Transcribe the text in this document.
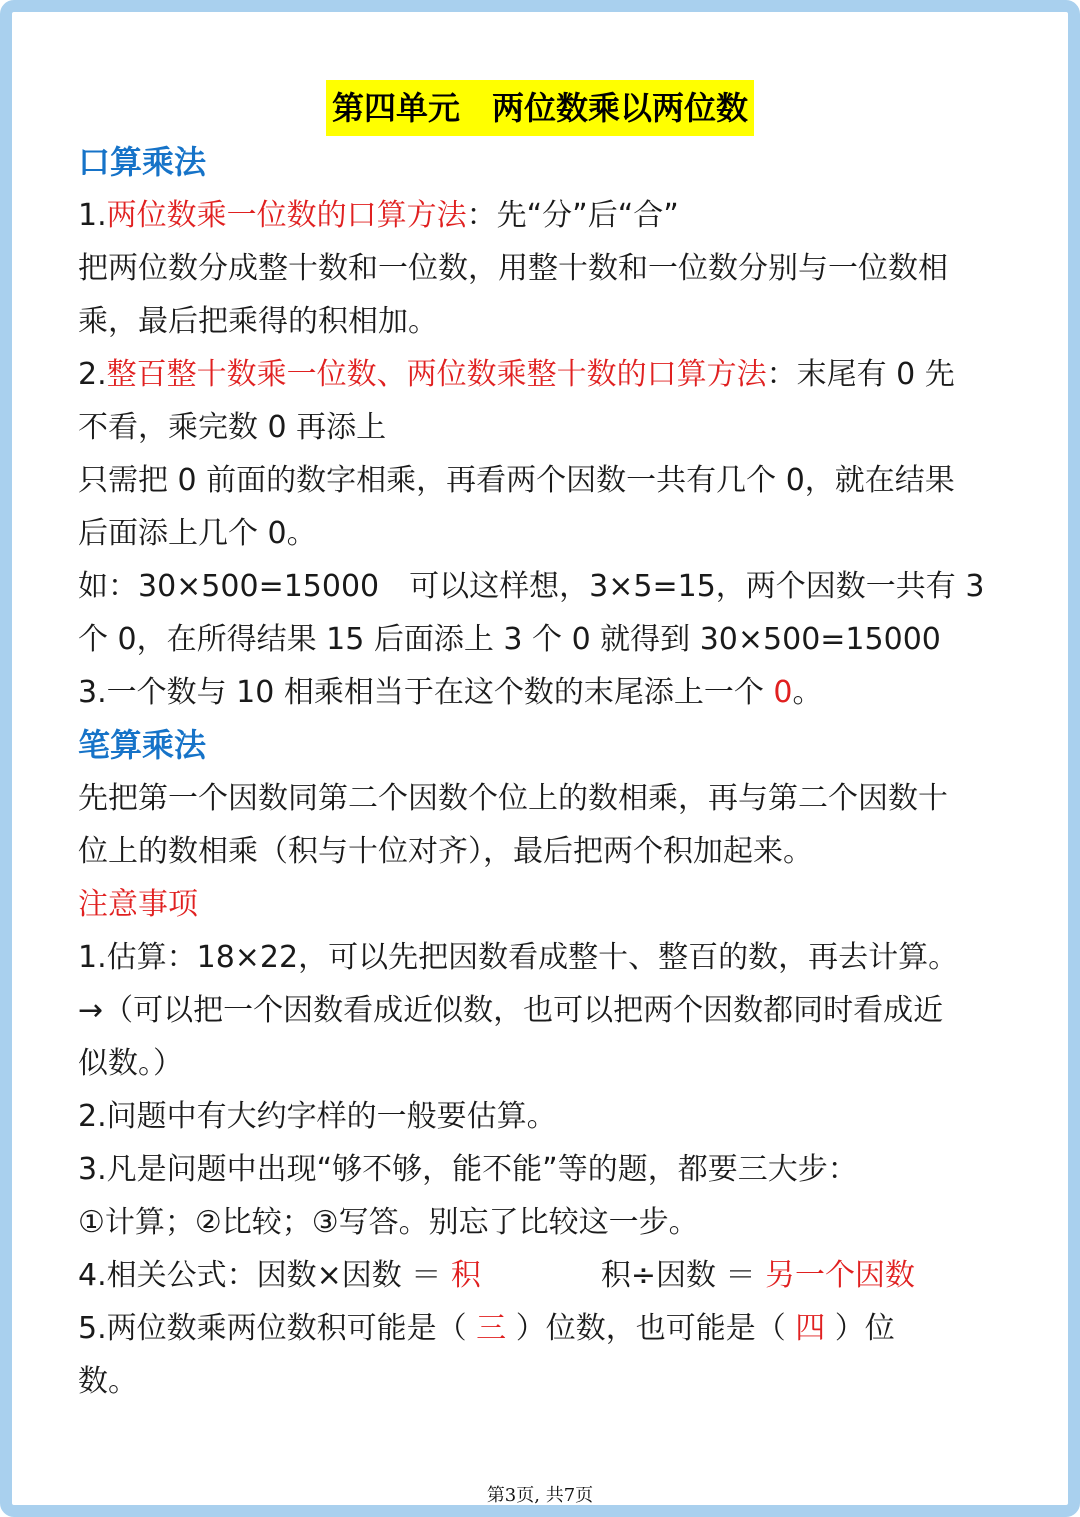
第四单元　两位数乘以两位数
口算乘法
1.两位数乘一位数的口算方法：先“分”后“合”
把两位数分成整十数和一位数，用整十数和一位数分别与一位数相
乘，最后把乘得的积相加。
2.整百整十数乘一位数、两位数乘整十数的口算方法：末尾有 0 先
不看，乘完数 0 再添上
只需把 0 前面的数字相乘，再看两个因数一共有几个 0，就在结果
后面添上几个 0。
如：30×500=15000 可以这样想，3×5=15，两个因数一共有 3
个 0，在所得结果 15 后面添上 3 个 0 就得到 30×500=15000
3.一个数与 10 相乘相当于在这个数的末尾添上一个 0。
笔算乘法
先把第一个因数同第二个因数个位上的数相乘，再与第二个因数十
位上的数相乘（积与十位对齐），最后把两个积加起来。
注意事项
1.估算：18×22，可以先把因数看成整十、整百的数，再去计算。
→（可以把一个因数看成近似数，也可以把两个因数都同时看成近
似数。）
2.问题中有大约字样的一般要估算。
3.凡是问题中出现“够不够，能不能”等的题，都要三大步：
①计算；②比较；③写答。别忘了比较这一步。
4.相关公式：因数×因数 ＝ 积	积÷因数 ＝ 另一个因数
5.两位数乘两位数积可能是（ 三 ）位数，也可能是（ 四 ）位
数。
第3页, 共7页
